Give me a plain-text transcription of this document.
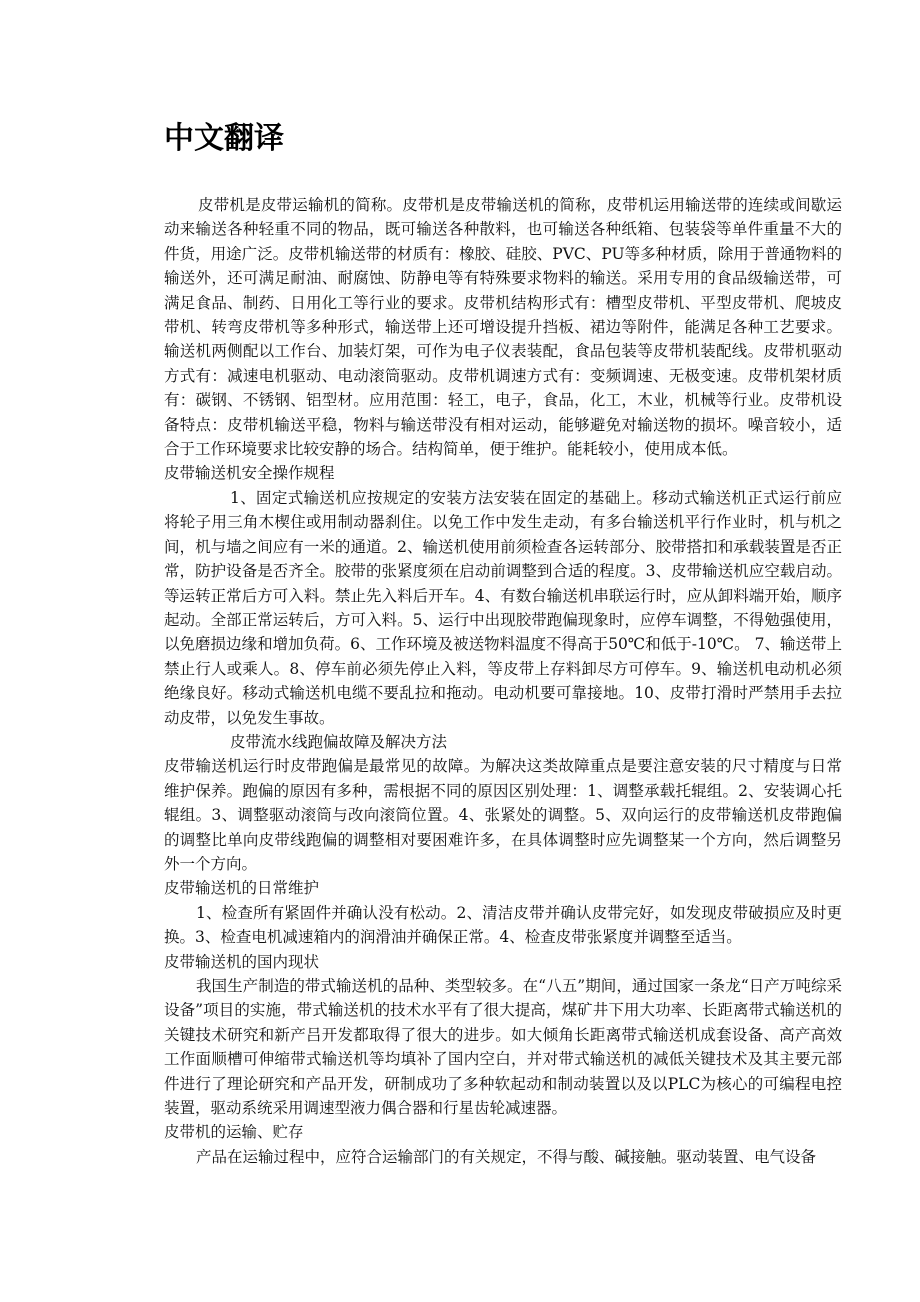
中文翻译

皮带机是皮带运输机的简称。皮带机是皮带输送机的简称，皮带机运用输送带的连续或间歇运动来输送各种轻重不同的物品，既可输送各种散料，也可输送各种纸箱、包装袋等单件重量不大的件货，用途广泛。皮带机输送带的材质有：橡胶、硅胶、PVC、PU等多种材质，除用于普通物料的输送外，还可满足耐油、耐腐蚀、防静电等有特殊要求物料的输送。采用专用的食品级输送带，可满足食品、制药、日用化工等行业的要求。皮带机结构形式有：槽型皮带机、平型皮带机、爬坡皮带机、转弯皮带机等多种形式，输送带上还可增设提升挡板、裙边等附件，能满足各种工艺要求。输送机两侧配以工作台、加装灯架，可作为电子仪表装配，食品包装等皮带机装配线。皮带机驱动方式有：减速电机驱动、电动滚筒驱动。皮带机调速方式有：变频调速、无极变速。皮带机架材质有：碳钢、不锈钢、铝型材。应用范围：轻工，电子，食品，化工，木业，机械等行业。皮带机设备特点：皮带机输送平稳，物料与输送带没有相对运动，能够避免对输送物的损坏。噪音较小，适合于工作环境要求比较安静的场合。结构简单，便于维护。能耗较小，使用成本低。

皮带输送机安全操作规程

1、固定式输送机应按规定的安装方法安装在固定的基础上。移动式输送机正式运行前应将轮子用三角木楔住或用制动器刹住。以免工作中发生走动，有多台输送机平行作业时，机与机之间，机与墙之间应有一米的通道。2、输送机使用前须检查各运转部分、胶带搭扣和承载装置是否正常，防护设备是否齐全。胶带的张紧度须在启动前调整到合适的程度。3、皮带输送机应空载启动。等运转正常后方可入料。禁止先入料后开车。4、有数台输送机串联运行时，应从卸料端开始，顺序起动。全部正常运转后，方可入料。5、运行中出现胶带跑偏现象时，应停车调整，不得勉强使用，以免磨损边缘和增加负荷。6、工作环境及被送物料温度不得高于50℃和低于-10℃。 7、输送带上禁止行人或乘人。8、停车前必须先停止入料，等皮带上存料卸尽方可停车。9、输送机电动机必须绝缘良好。移动式输送机电缆不要乱拉和拖动。电动机要可靠接地。10、皮带打滑时严禁用手去拉动皮带，以免发生事故。

皮带流水线跑偏故障及解决方法

皮带输送机运行时皮带跑偏是最常见的故障。为解决这类故障重点是要注意安装的尺寸精度与日常维护保养。跑偏的原因有多种，需根据不同的原因区别处理：1、调整承载托辊组。2、安装调心托辊组。3、调整驱动滚筒与改向滚筒位置。4、张紧处的调整。5、双向运行的皮带输送机皮带跑偏的调整比单向皮带线跑偏的调整相对要困难许多，在具体调整时应先调整某一个方向，然后调整另外一个方向。

皮带输送机的日常维护

1、检查所有紧固件并确认没有松动。2、清洁皮带并确认皮带完好，如发现皮带破损应及时更换。3、检查电机减速箱内的润滑油并确保正常。4、检查皮带张紧度并调整至适当。

皮带输送机的国内现状

我国生产制造的带式输送机的品种、类型较多。在“八五”期间，通过国家一条龙“日产万吨综采设备”项目的实施，带式输送机的技术水平有了很大提高，煤矿井下用大功率、长距离带式输送机的关键技术研究和新产吕开发都取得了很大的进步。如大倾角长距离带式输送机成套设备、高产高效工作面顺槽可伸缩带式输送机等均填补了国内空白，并对带式输送机的减低关键技术及其主要元部件进行了理论研究和产品开发，研制成功了多种软起动和制动装置以及以PLC为核心的可编程电控装置，驱动系统采用调速型液力偶合器和行星齿轮减速器。

皮带机的运输、贮存

产品在运输过程中，应符合运输部门的有关规定，不得与酸、碱接触。驱动装置、电气设备
